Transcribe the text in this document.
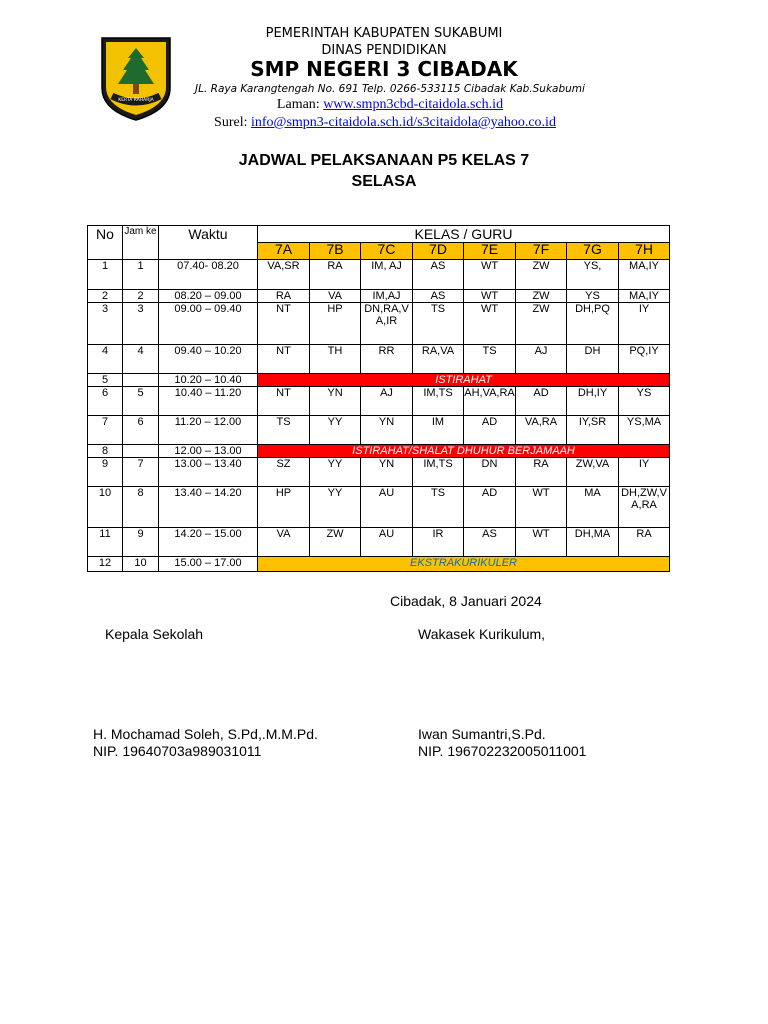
KERTA RAHARJA
PEMERINTAH KABUPATEN SUKABUMI
DINAS PENDIDIKAN
SMP NEGERI 3 CIBADAK
JL. Raya Karangtengah No. 691 Telp. 0266-533115 Cibadak Kab.Sukabumi
Laman: www.smpn3cbd-citaidola.sch.id
Surel: info@smpn3-citaidola.sch.id/s3citaidola@yahoo.co.id
JADWAL PELAKSANAAN P5 KELAS 7
SELASA
No	Jam ke	Waktu	KELAS / GURU							
			7A	7B	7C	7D	7E	7F	7G	7H
1	1	07.40- 08.20	VA,SR	RA	IM, AJ	AS	WT	ZW	YS,	MA,IY
2	2	08.20 – 09.00	RA	VA	IM,AJ	AS	WT	ZW	YS	MA,IY
3	3	09.00 – 09.40	NT	HP	DN,RA,VA,IR	TS	WT	ZW	DH,PQ	IY
4	4	09.40 – 10.20	NT	TH	RR	RA,VA	TS	AJ	DH	PQ,IY
5		10.20 – 10.40	ISTIRAHAT							
6	5	10.40 – 11.20	NT	YN	AJ	IM,TS	AH,VA,RA	AD	DH,IY	YS
7	6	11.20 – 12.00	TS	YY	YN	IM	AD	VA,RA	IY,SR	YS,MA
8		12.00 – 13.00	ISTIRAHAT/SHALAT DHUHUR BERJAMAAH							
9	7	13.00 – 13.40	SZ	YY	YN	IM,TS	DN	RA	ZW,VA	IY
10	8	13.40 – 14.20	HP	YY	AU	TS	AD	WT	MA	DH,ZW,VA,RA
11	9	14.20 – 15.00	VA	ZW	AU	IR	AS	WT	DH,MA	RA
12	10	15.00 – 17.00	EKSTRAKURIKULER							
Cibadak, 8 Januari 2024
Kepala Sekolah	Wakasek Kurikulum,
H. Mochamad Soleh, S.Pd,.M.M.Pd.
NIP. 19640703a989031011
Iwan Sumantri,S.Pd.
NIP. 196702232005011001
